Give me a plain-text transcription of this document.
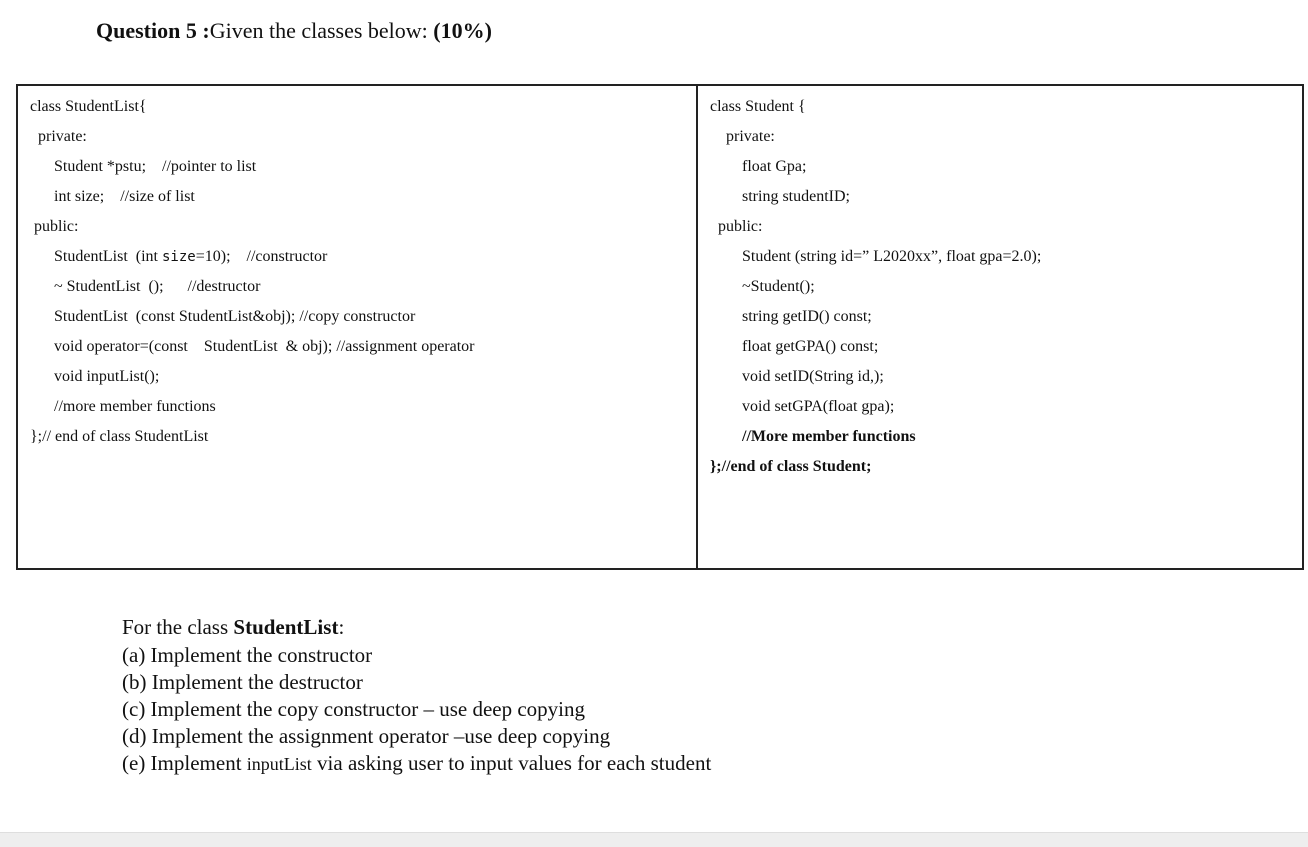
Question 5 :Given the classes below: (10%)
class StudentList{
private:
Student *pstu;    //pointer to list
int size;    //size of list
public:
StudentList  (int size=10);    //constructor
~ StudentList  ();      //destructor
StudentList  (const StudentList&obj); //copy constructor
void operator=(const    StudentList  & obj); //assignment operator
void inputList();
//more member functions
};// end of class StudentList
class Student {
private:
float Gpa;
string studentID;
public:
Student (string id=” L2020xx”, float gpa=2.0);
~Student();
string getID() const;
float getGPA() const;
void setID(String id,);
void setGPA(float gpa);
//More member functions
};//end of class Student;
For the class StudentList:
(a) Implement the constructor
(b) Implement the destructor
(c) Implement the copy constructor – use deep copying
(d) Implement the assignment operator –use deep copying
(e) Implement inputList via asking user to input values for each student
